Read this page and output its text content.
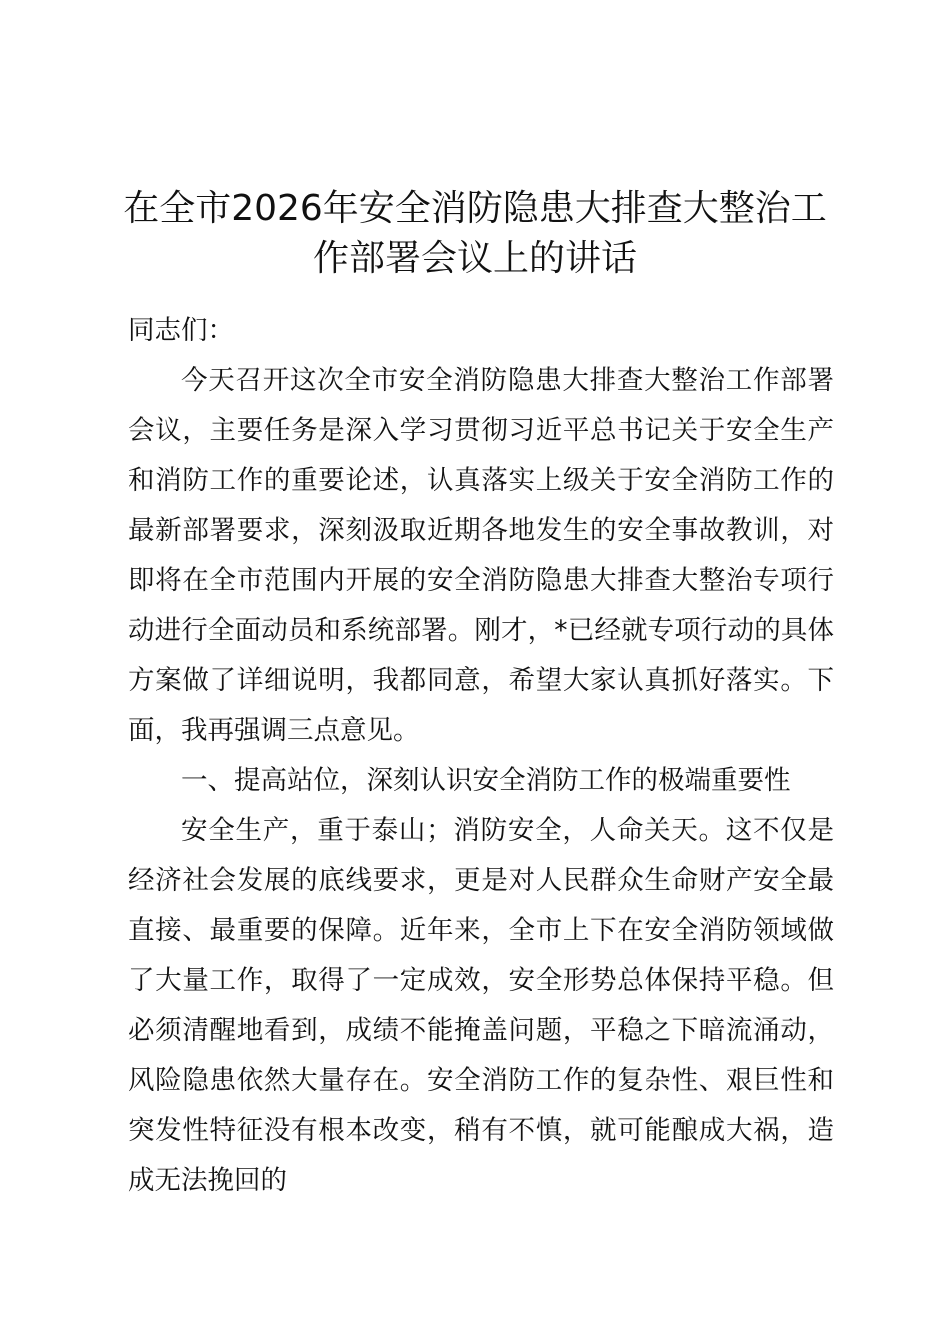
在全市2026年安全消防隐患大排查大整治工作部署会议上的讲话

同志们：

今天召开这次全市安全消防隐患大排查大整治工作部署会议，主要任务是深入学习贯彻习近平总书记关于安全生产和消防工作的重要论述，认真落实上级关于安全消防工作的最新部署要求，深刻汲取近期各地发生的安全事故教训，对即将在全市范围内开展的安全消防隐患大排查大整治专项行动进行全面动员和系统部署。刚才，*已经就专项行动的具体方案做了详细说明，我都同意，希望大家认真抓好落实。下面，我再强调三点意见。

一、提高站位，深刻认识安全消防工作的极端重要性

安全生产，重于泰山；消防安全，人命关天。这不仅是经济社会发展的底线要求，更是对人民群众生命财产安全最直接、最重要的保障。近年来，全市上下在安全消防领域做了大量工作，取得了一定成效，安全形势总体保持平稳。但必须清醒地看到，成绩不能掩盖问题，平稳之下暗流涌动，风险隐患依然大量存在。安全消防工作的复杂性、艰巨性和突发性特征没有根本改变，稍有不慎，就可能酿成大祸，造成无法挽回的
